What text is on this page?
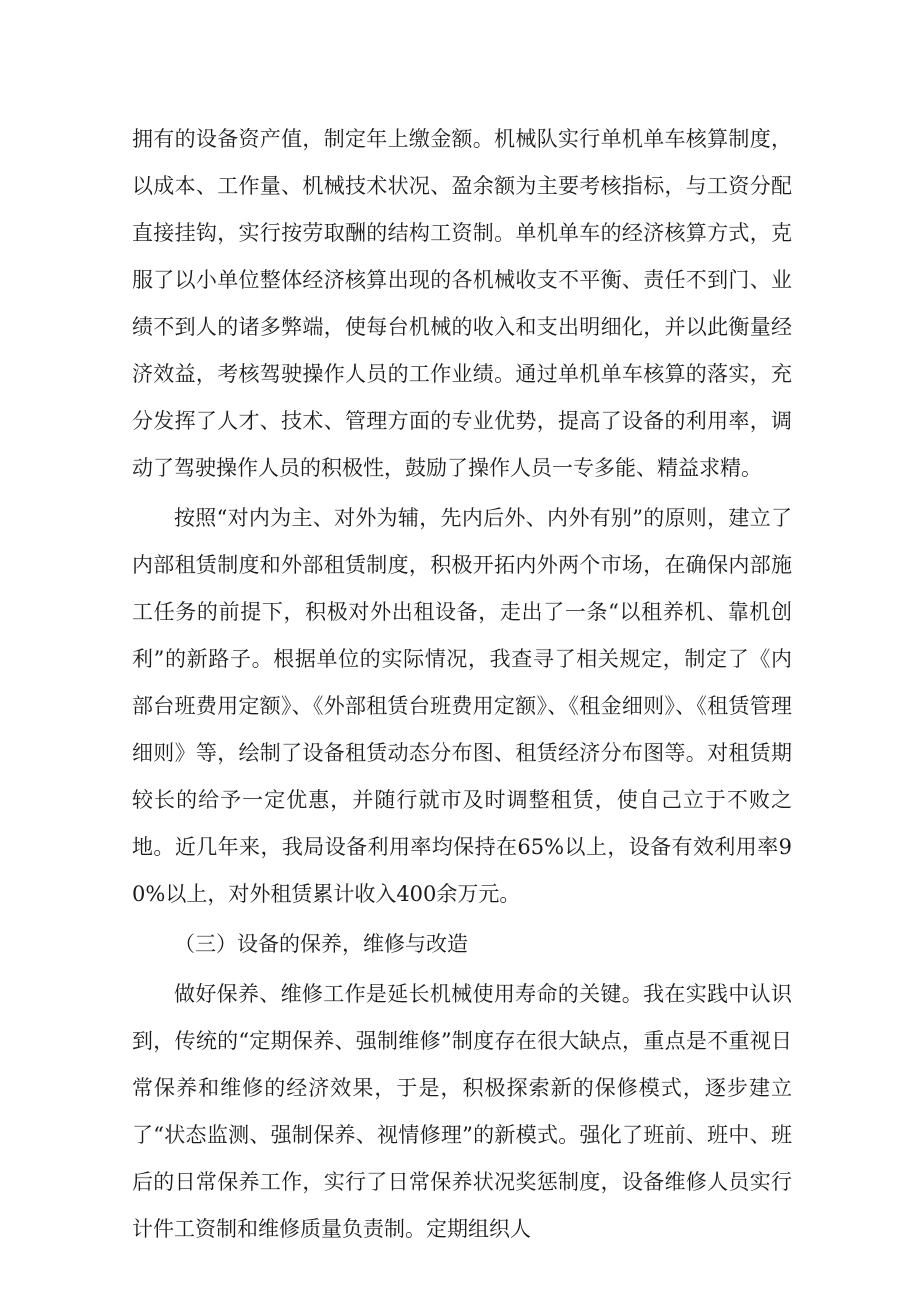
拥有的设备资产值，制定年上缴金额。机械队实行单机单车核算制度，以成本、工作量、机械技术状况、盈余额为主要考核指标，与工资分配直接挂钩，实行按劳取酬的结构工资制。单机单车的经济核算方式，克服了以小单位整体经济核算出现的各机械收支不平衡、责任不到门、业绩不到人的诸多弊端，使每台机械的收入和支出明细化，并以此衡量经济效益，考核驾驶操作人员的工作业绩。通过单机单车核算的落实，充分发挥了人才、技术、管理方面的专业优势，提高了设备的利用率，调动了驾驶操作人员的积极性，鼓励了操作人员一专多能、精益求精。

按照“对内为主、对外为辅，先内后外、内外有别”的原则，建立了内部租赁制度和外部租赁制度，积极开拓内外两个市场，在确保内部施工任务的前提下，积极对外出租设备，走出了一条“以租养机、靠机创利”的新路子。根据单位的实际情况，我查寻了相关规定，制定了《内部台班费用定额》、《外部租赁台班费用定额》、《租金细则》、《租赁管理细则》等，绘制了设备租赁动态分布图、租赁经济分布图等。对租赁期较长的给予一定优惠，并随行就市及时调整租赁，使自己立于不败之地。近几年来，我局设备利用率均保持在65%以上，设备有效利用率90%以上，对外租赁累计收入400余万元。

（三）设备的保养，维修与改造

做好保养、维修工作是延长机械使用寿命的关键。我在实践中认识到，传统的“定期保养、强制维修”制度存在很大缺点，重点是不重视日常保养和维修的经济效果，于是，积极探索新的保修模式，逐步建立了“状态监测、强制保养、视情修理”的新模式。强化了班前、班中、班后的日常保养工作，实行了日常保养状况奖惩制度，设备维修人员实行计件工资制和维修质量负责制。定期组织人
